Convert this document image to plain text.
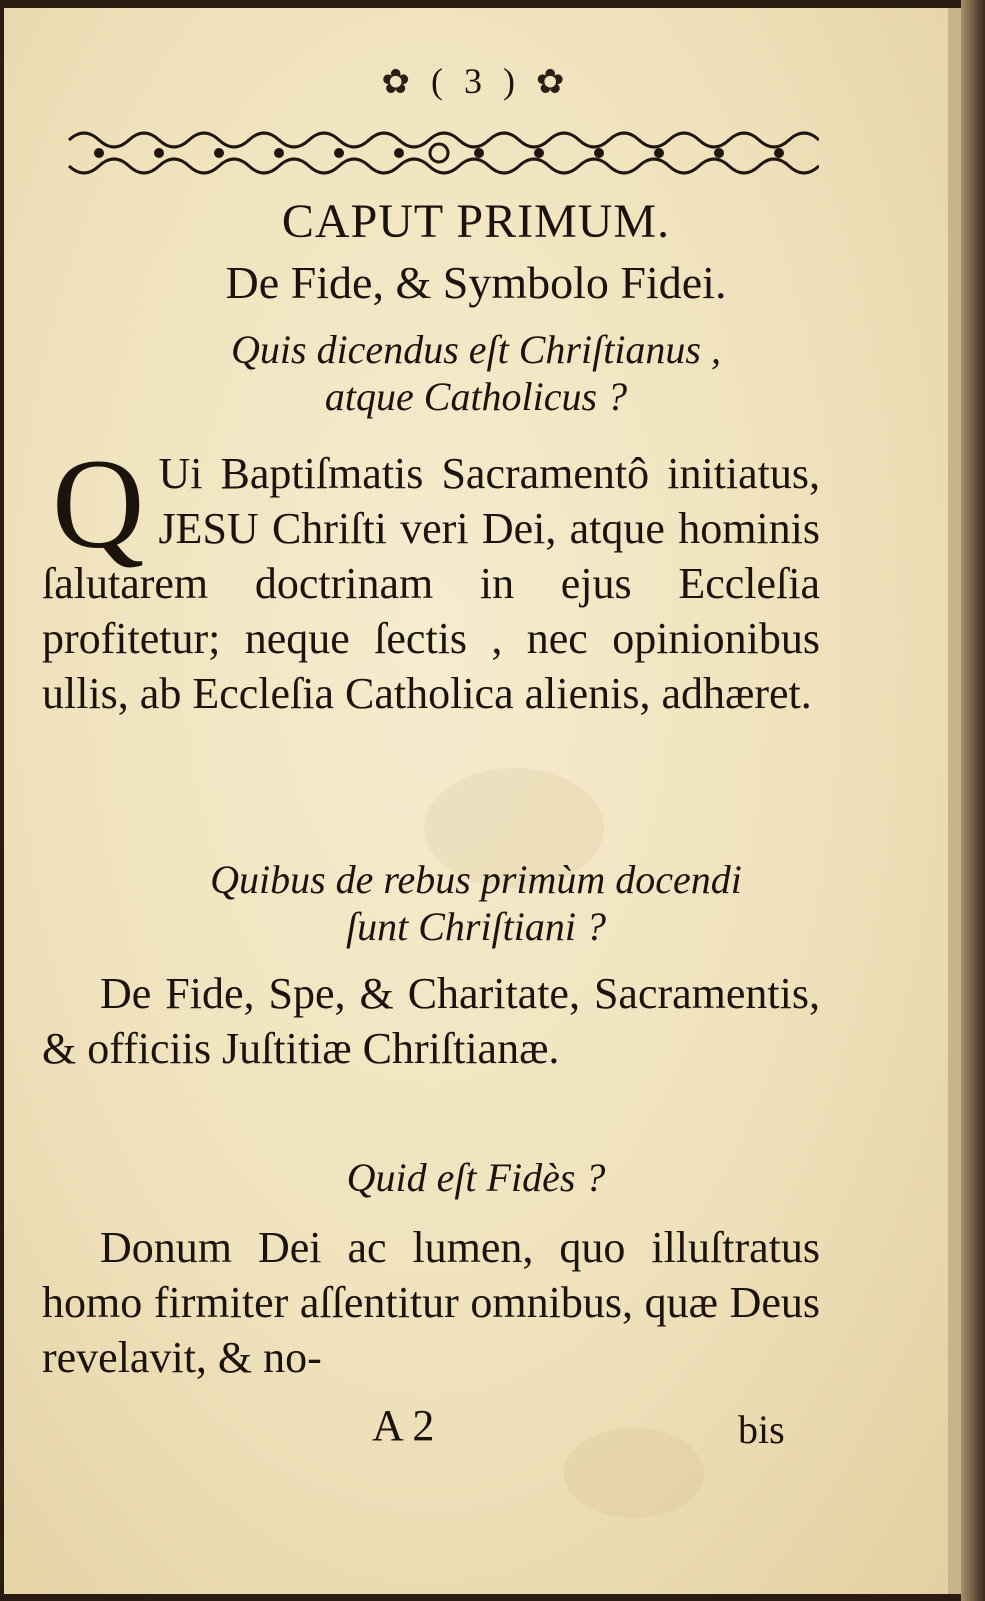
✿ ( 3 ) ✿
CAPUT PRIMUM.
De Fide, & Symbolo Fidei.
Quis dicendus eſt Chriſtianus ,
atque Catholicus ?
Q Ui Baptiſmatis Sacramentô initiatus, JESU Chriſti veri Dei, atque hominis ſalutarem doctrinam in ejus Eccleſia profitetur; neque ſectis , nec opinionibus ullis, ab Eccleſia Catholica alienis, adhæret.
Quibus de rebus primùm docendi
ſunt Chriſtiani ?
De Fide, Spe, & Charitate, Sacramentis, & officiis Juſtitiæ Chriſtianæ.
Quid eſt Fidès ?
Donum Dei ac lumen, quo illuſtratus homo firmiter aſſentitur omnibus, quæ Deus revelavit, & no-
A 2	bis
